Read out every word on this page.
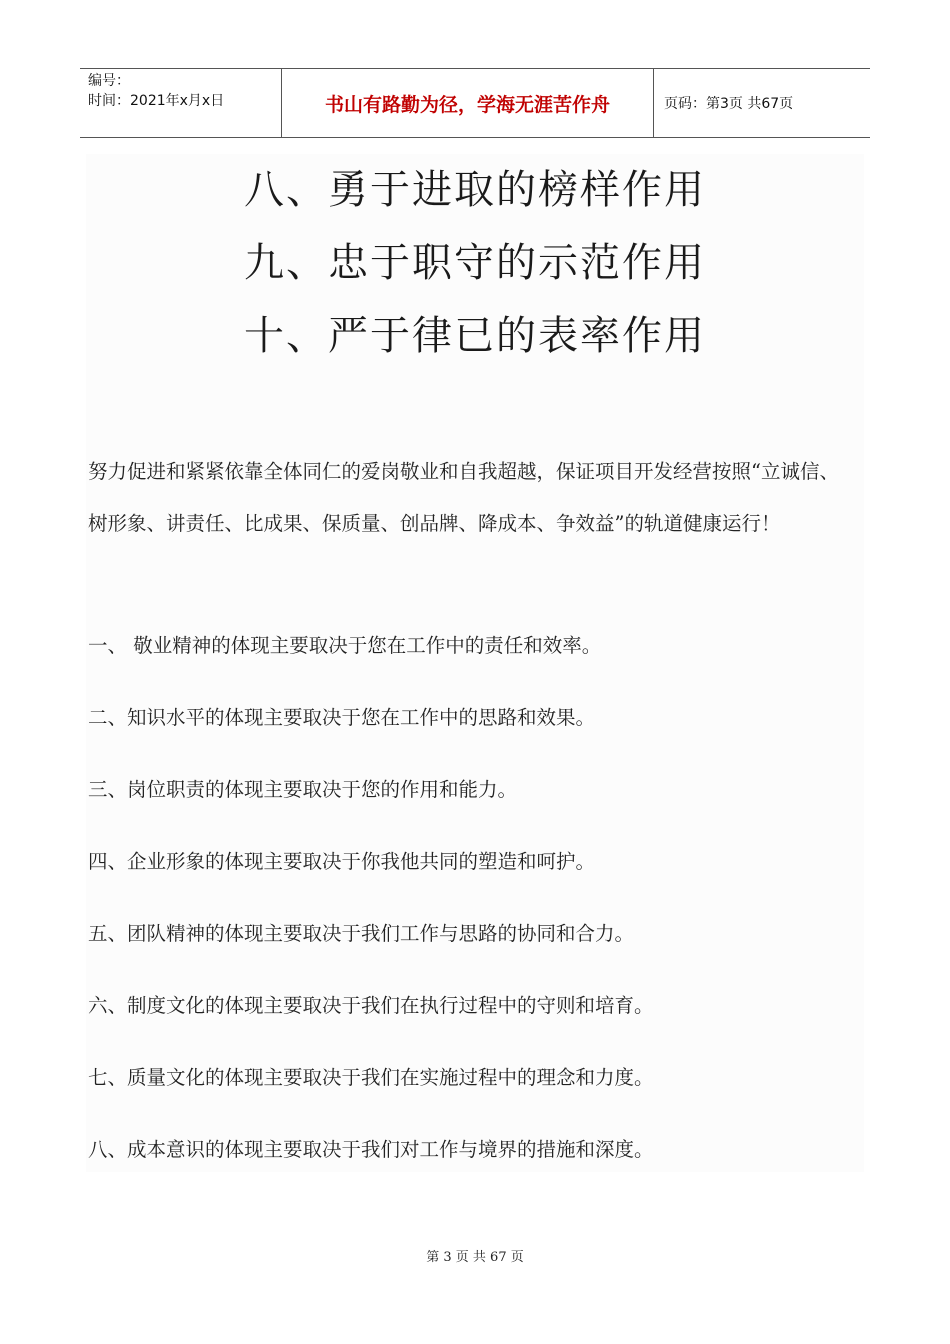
编号：
时间：2021年x月x日	书山有路勤为径，学海无涯苦作舟	页码：第3页 共67页
八、勇于进取的榜样作用
九、忠于职守的示范作用
十、严于律已的表率作用
努力促进和紧紧依靠全体同仁的爱岗敬业和自我超越，保证项目开发经营按照“立诚信、树形象、讲责任、比成果、保质量、创品牌、降成本、争效益”的轨道健康运行！
一、 敬业精神的体现主要取决于您在工作中的责任和效率。
二、知识水平的体现主要取决于您在工作中的思路和效果。
三、岗位职责的体现主要取决于您的作用和能力。
四、企业形象的体现主要取决于你我他共同的塑造和呵护。
五、团队精神的体现主要取决于我们工作与思路的协同和合力。
六、制度文化的体现主要取决于我们在执行过程中的守则和培育。
七、质量文化的体现主要取决于我们在实施过程中的理念和力度。
八、成本意识的体现主要取决于我们对工作与境界的措施和深度。
第 3 页 共 67 页
